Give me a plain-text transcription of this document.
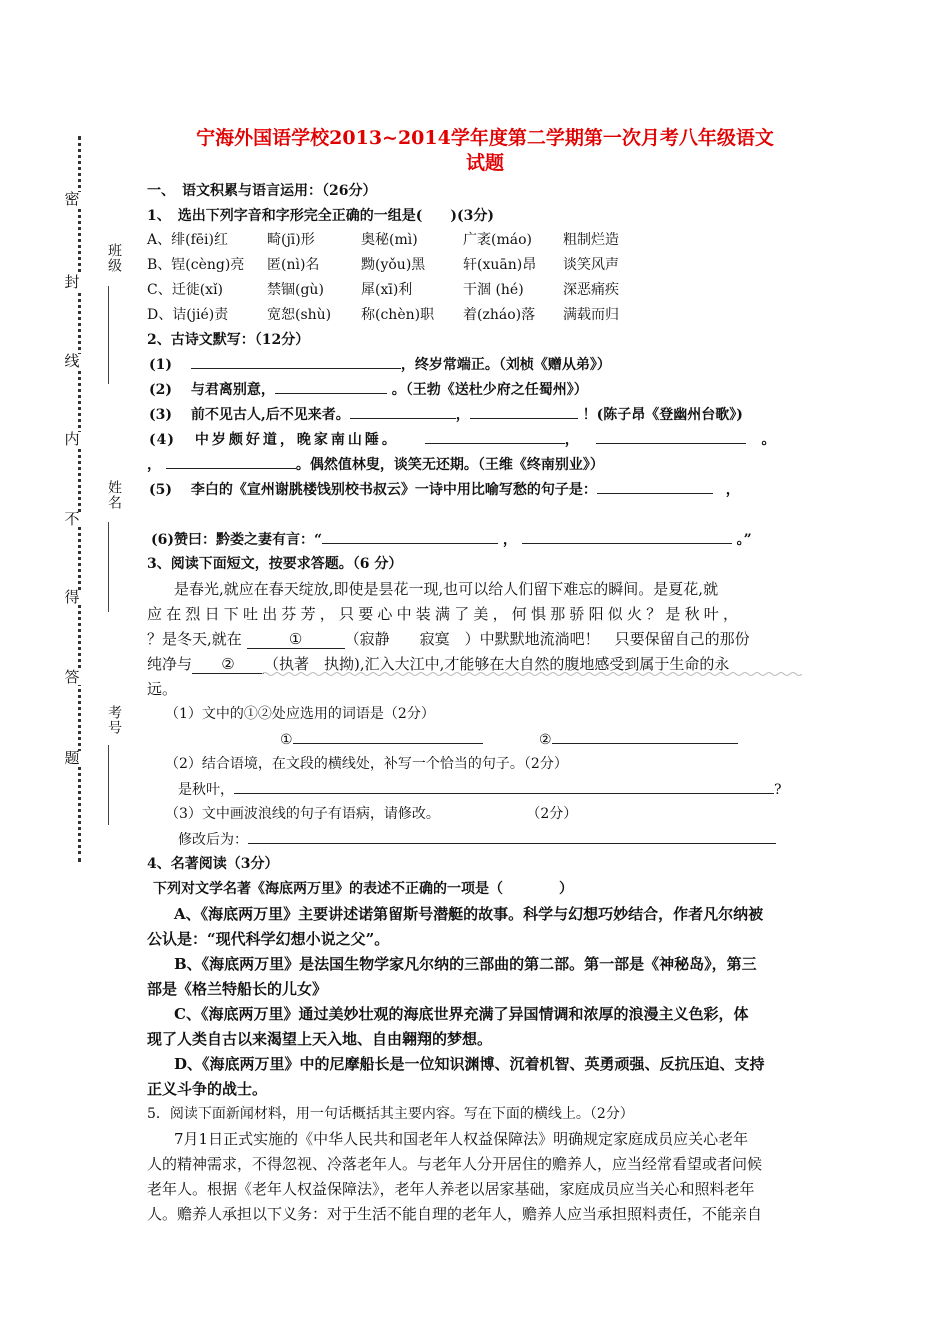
密
封
线
内
不
得
答
题
班级
姓名
考号
宁海外国语学校2013~2014学年度第二学期第一次月考八年级语文
试题
一、　语文积累与语言运用：（26分）
1、　选出下列字音和字形完全正确的一组是(　　)(3分)
A、绯(fēi)红	畸(jī)形	奥秘(mì)	广袤(máo) 粗制烂造
B、锃(cèng)亮 匿(nì)名	黝(yǒu)黑	轩(xuān)昂 谈笑风声
C、迁徙(xǐ)	禁锢(gù)	犀(xī)利	干涸 (hé)	深恶痛疾
D、诘(jié)责	宽恕(shù) 称(chèn)职 着(zháo)落 满载而归
2、古诗文默写：（12分）
(1)	，终岁常端正。（刘桢《赠从弟》）
(2) 与君离别意，	。（王勃《送杜少府之任蜀州》）
(3) 前不见古人,后不见来者。	，	！(陈子昂《登幽州台歌》)
(4) 中岁颇好道，晚家南山陲。	，	。
，	。偶然值林叟，谈笑无还期。（王维《终南别业》）
(5) 李白的《宣州谢朓楼饯别校书叔云》一诗中用比喻写愁的句子是：	，
(6)赞曰：黔娄之妻有言：“	，	。”
3、阅读下面短文，按要求答题。（6 分）
是春光,就应在春天绽放,即使是昙花一现,也可以给人们留下难忘的瞬间。是夏花,就
应在烈日下吐出芬芳，只要心中装满了美，何惧那骄阳似火？是秋叶，
？是冬天,就在	①	（寂静　　寂寞　）中默默地流淌吧！　只要保留自己的那份
纯净与 ② （执著　执拗),汇入大江中,才能够在大自然的腹地感受到属于生命的永
远。
（1）文中的①②处应选用的词语是（2分）
①	②
（2）结合语境，在文段的横线处，补写一个恰当的句子。（2分）
是秋叶，	?
（3）文中画波浪线的句子有语病，请修改。	（2分）
修改后为：
4、名著阅读（3分）
下列对文学名著《海底两万里》的表述不正确的一项是（　　　　）
A、《海底两万里》主要讲述诺第留斯号潜艇的故事。科学与幻想巧妙结合，作者凡尔纳被
公认是：“现代科学幻想小说之父”。
B、《海底两万里》是法国生物学家凡尔纳的三部曲的第二部。第一部是《神秘岛》，第三
部是《格兰特船长的儿女》
C、《海底两万里》通过美妙壮观的海底世界充满了异国情调和浓厚的浪漫主义色彩，体
现了人类自古以来渴望上天入地、自由翱翔的梦想。
D、《海底两万里》中的尼摩船长是一位知识渊博、沉着机智、英勇顽强、反抗压迫、支持
正义斗争的战士。
5．阅读下面新闻材料，用一句话概括其主要内容。写在下面的横线上。（2分）
7月1日正式实施的《中华人民共和国老年人权益保障法》明确规定家庭成员应关心老年
人的精神需求，不得忽视、冷落老年人。与老年人分开居住的赡养人，应当经常看望或者问候
老年人。根据《老年人权益保障法》，老年人养老以居家基础，家庭成员应当关心和照料老年
人。赡养人承担以下义务：对于生活不能自理的老年人，赡养人应当承担照料责任，不能亲自
